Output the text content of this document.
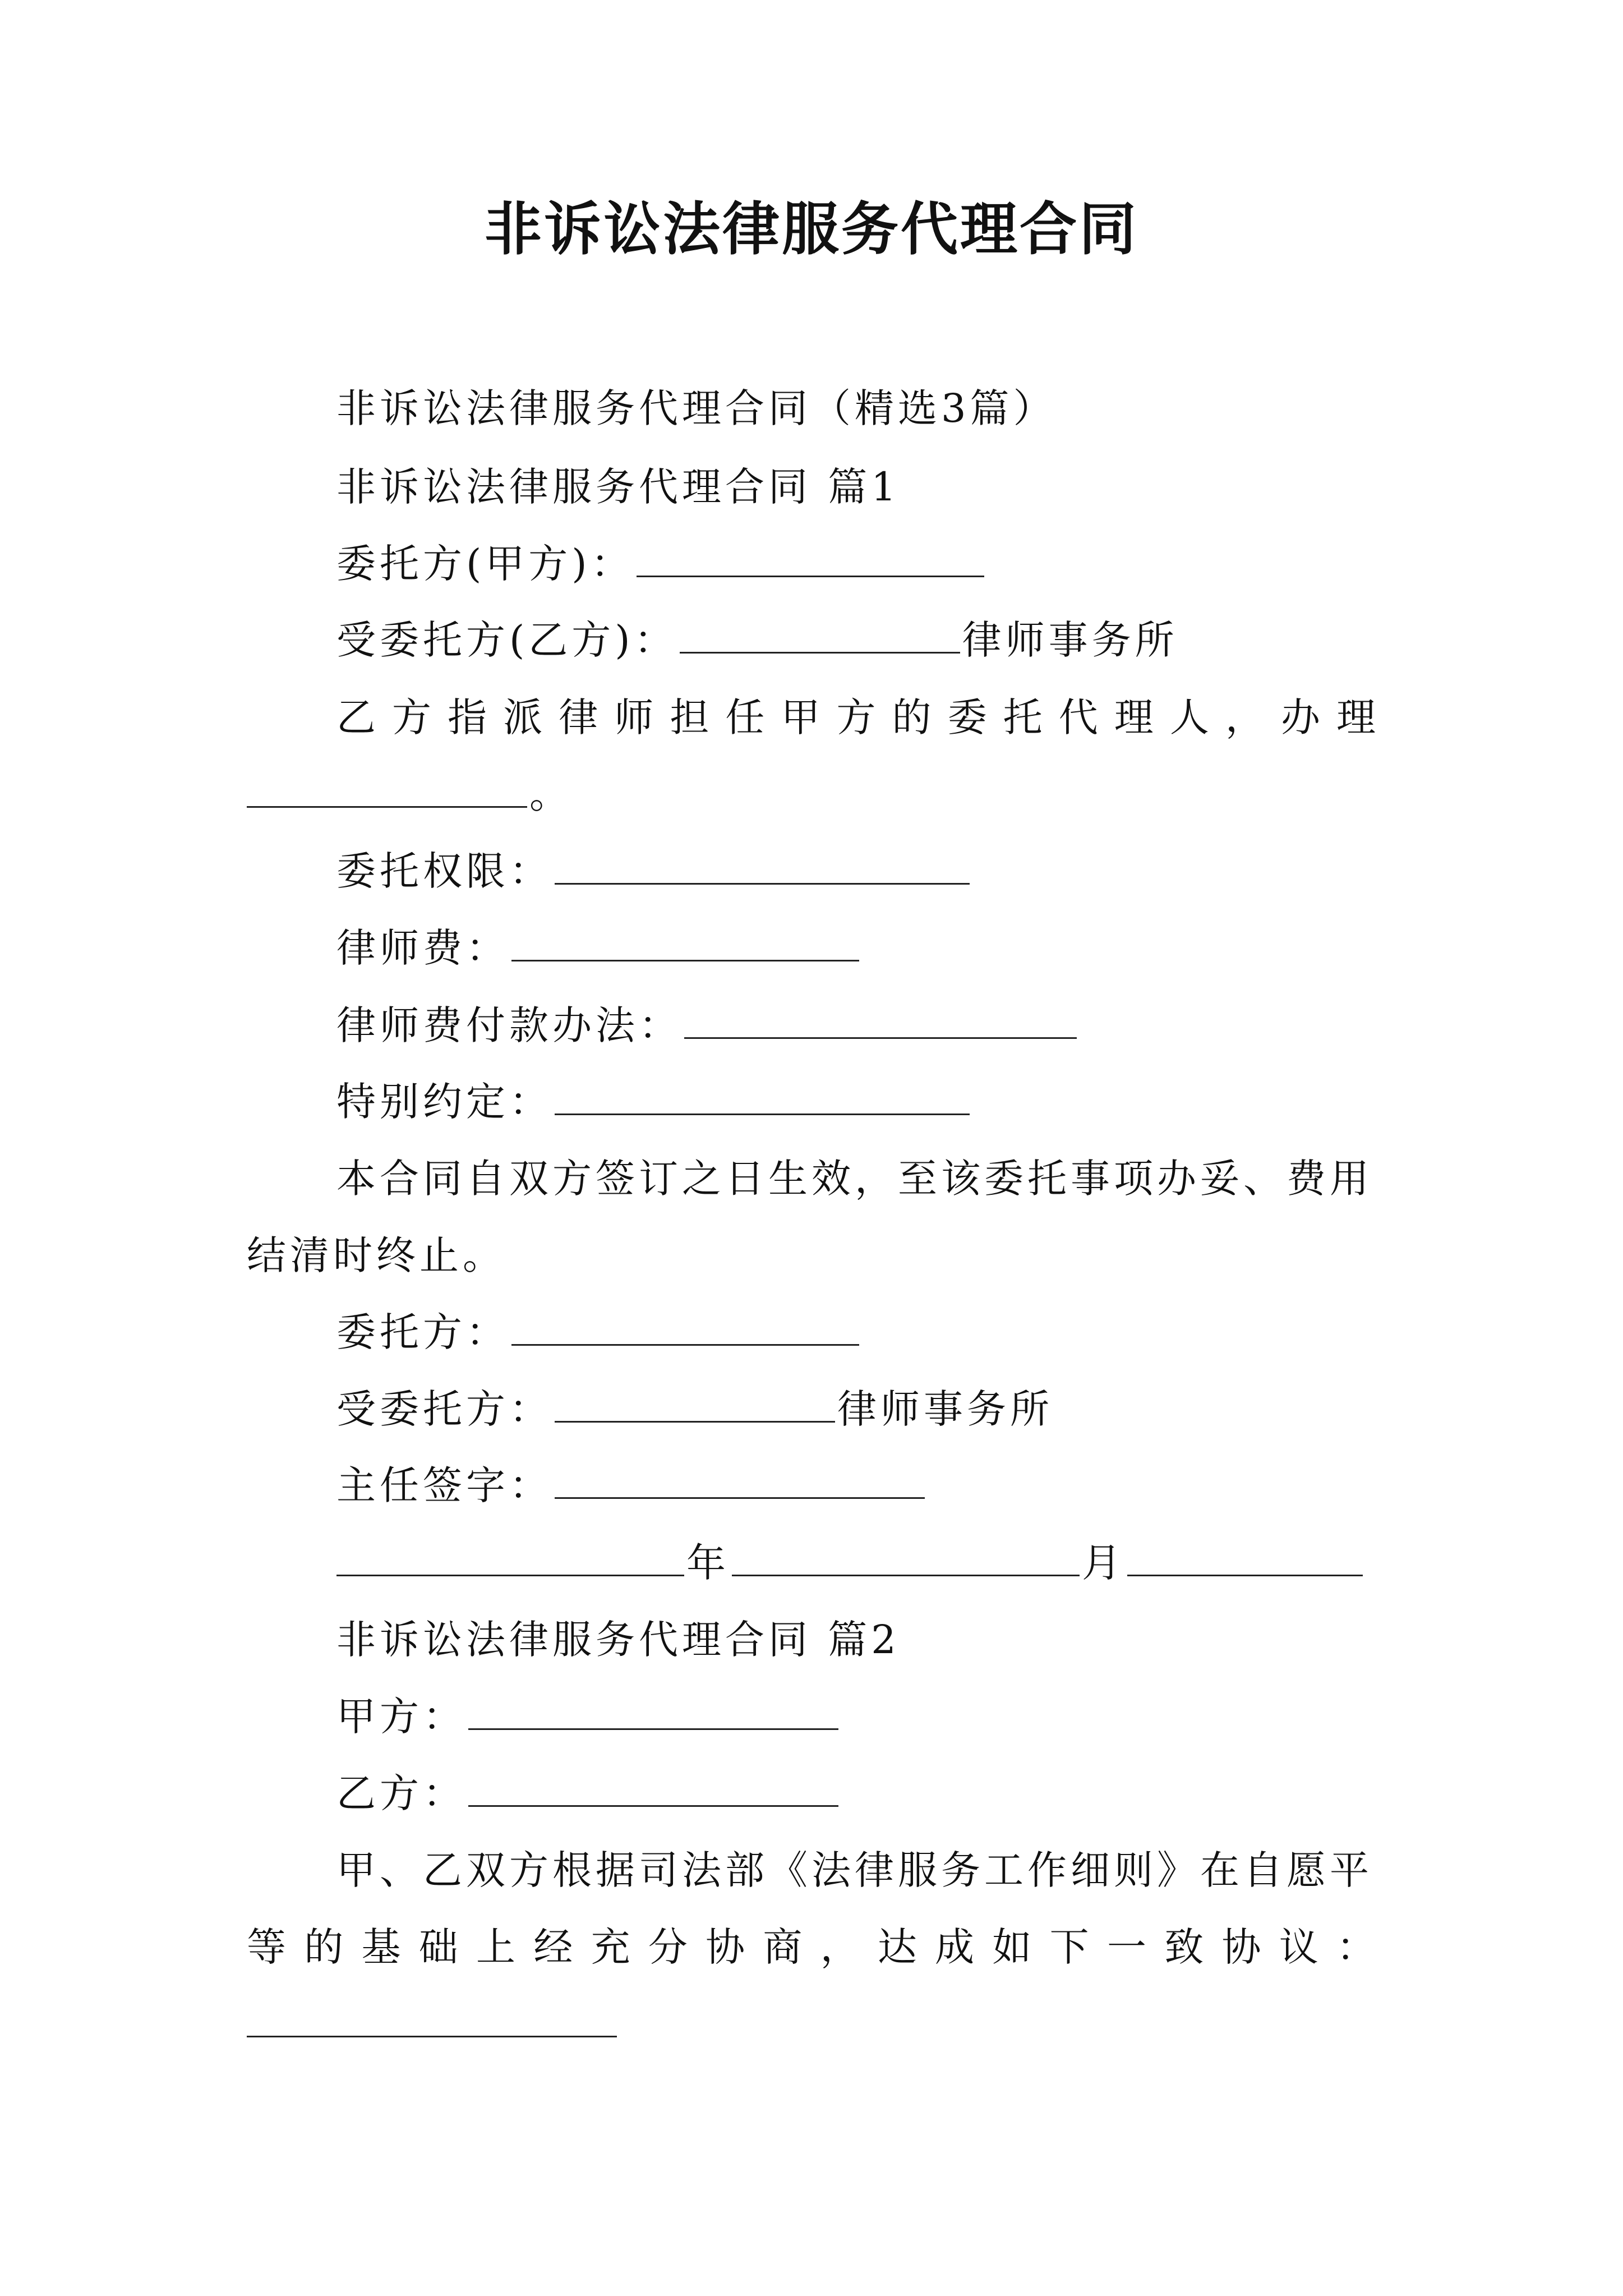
非诉讼法律服务代理合同
非诉讼法律服务代理合同（精选3篇）
非诉讼法律服务代理合同 篇1
委托方(甲方)：
受委托方(乙方)：	律师事务所
乙方指派律师担任甲方的委托代理人，办理
。
委托权限：
律师费：
律师费付款办法：
特别约定：
本合同自双方签订之日生效，至该委托事项办妥、费用
结清时终止。
委托方：
受委托方：	律师事务所
主任签字：
年	月
非诉讼法律服务代理合同 篇2
甲方：
乙方：
甲、乙双方根据司法部《法律服务工作细则》在自愿平
等的基础上经充分协商，达成如下一致协议：
